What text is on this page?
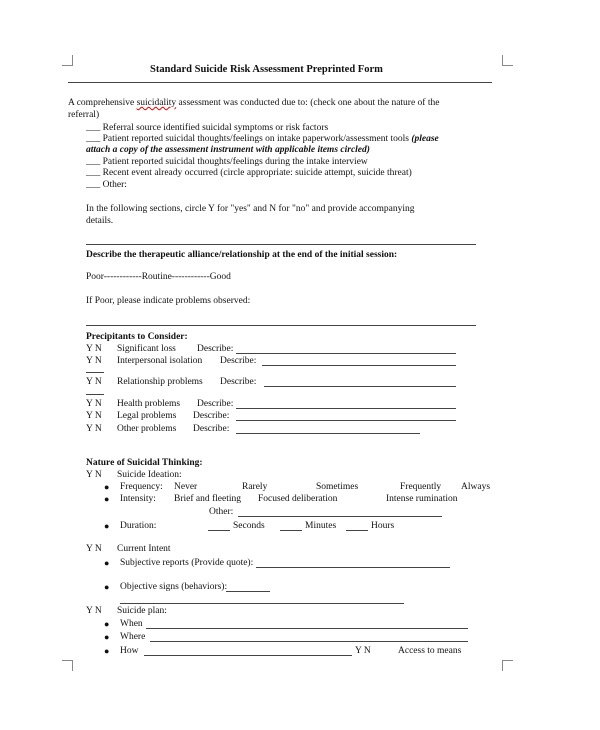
Standard Suicide Risk Assessment Preprinted Form
A comprehensive suicidality assessment was conducted due to: (check one about the nature of the
referral)
___ Referral source identified suicidal symptoms or risk factors
___ Patient reported suicidal thoughts/feelings on intake paperwork/assessment tools (please
attach a copy of the assessment instrument with applicable items circled)
___ Patient reported suicidal thoughts/feelings during the intake interview
___ Recent event already occurred (circle appropriate: suicide attempt, suicide threat)
___ Other:
In the following sections, circle Y for "yes" and N for "no" and provide accompanying
details.
Describe the therapeutic alliance/relationship at the end of the initial session:
Poor------------Routine------------Good
If Poor, please indicate problems observed:
Precipitants to Consider:
Y N Significant loss Describe:
Y N Interpersonal isolation Describe:
Y N Relationship problems Describe:
Y N Health problems Describe:
Y N Legal problems Describe:
Y N Other problems Describe:
Nature of Suicidal Thinking:
Y N Suicide Ideation:
● Frequency: Never	Rarely	Sometimes	Frequently Always
● Intensity: Brief and fleeting Focused deliberation	Intense rumination
Other:
● Duration:	Seconds	Minutes	Hours
Y N Current Intent
● Subjective reports (Provide quote):
● Objective signs (behaviors):
Y N Suicide plan:
● When
● Where
● How	Y N	Access to means
